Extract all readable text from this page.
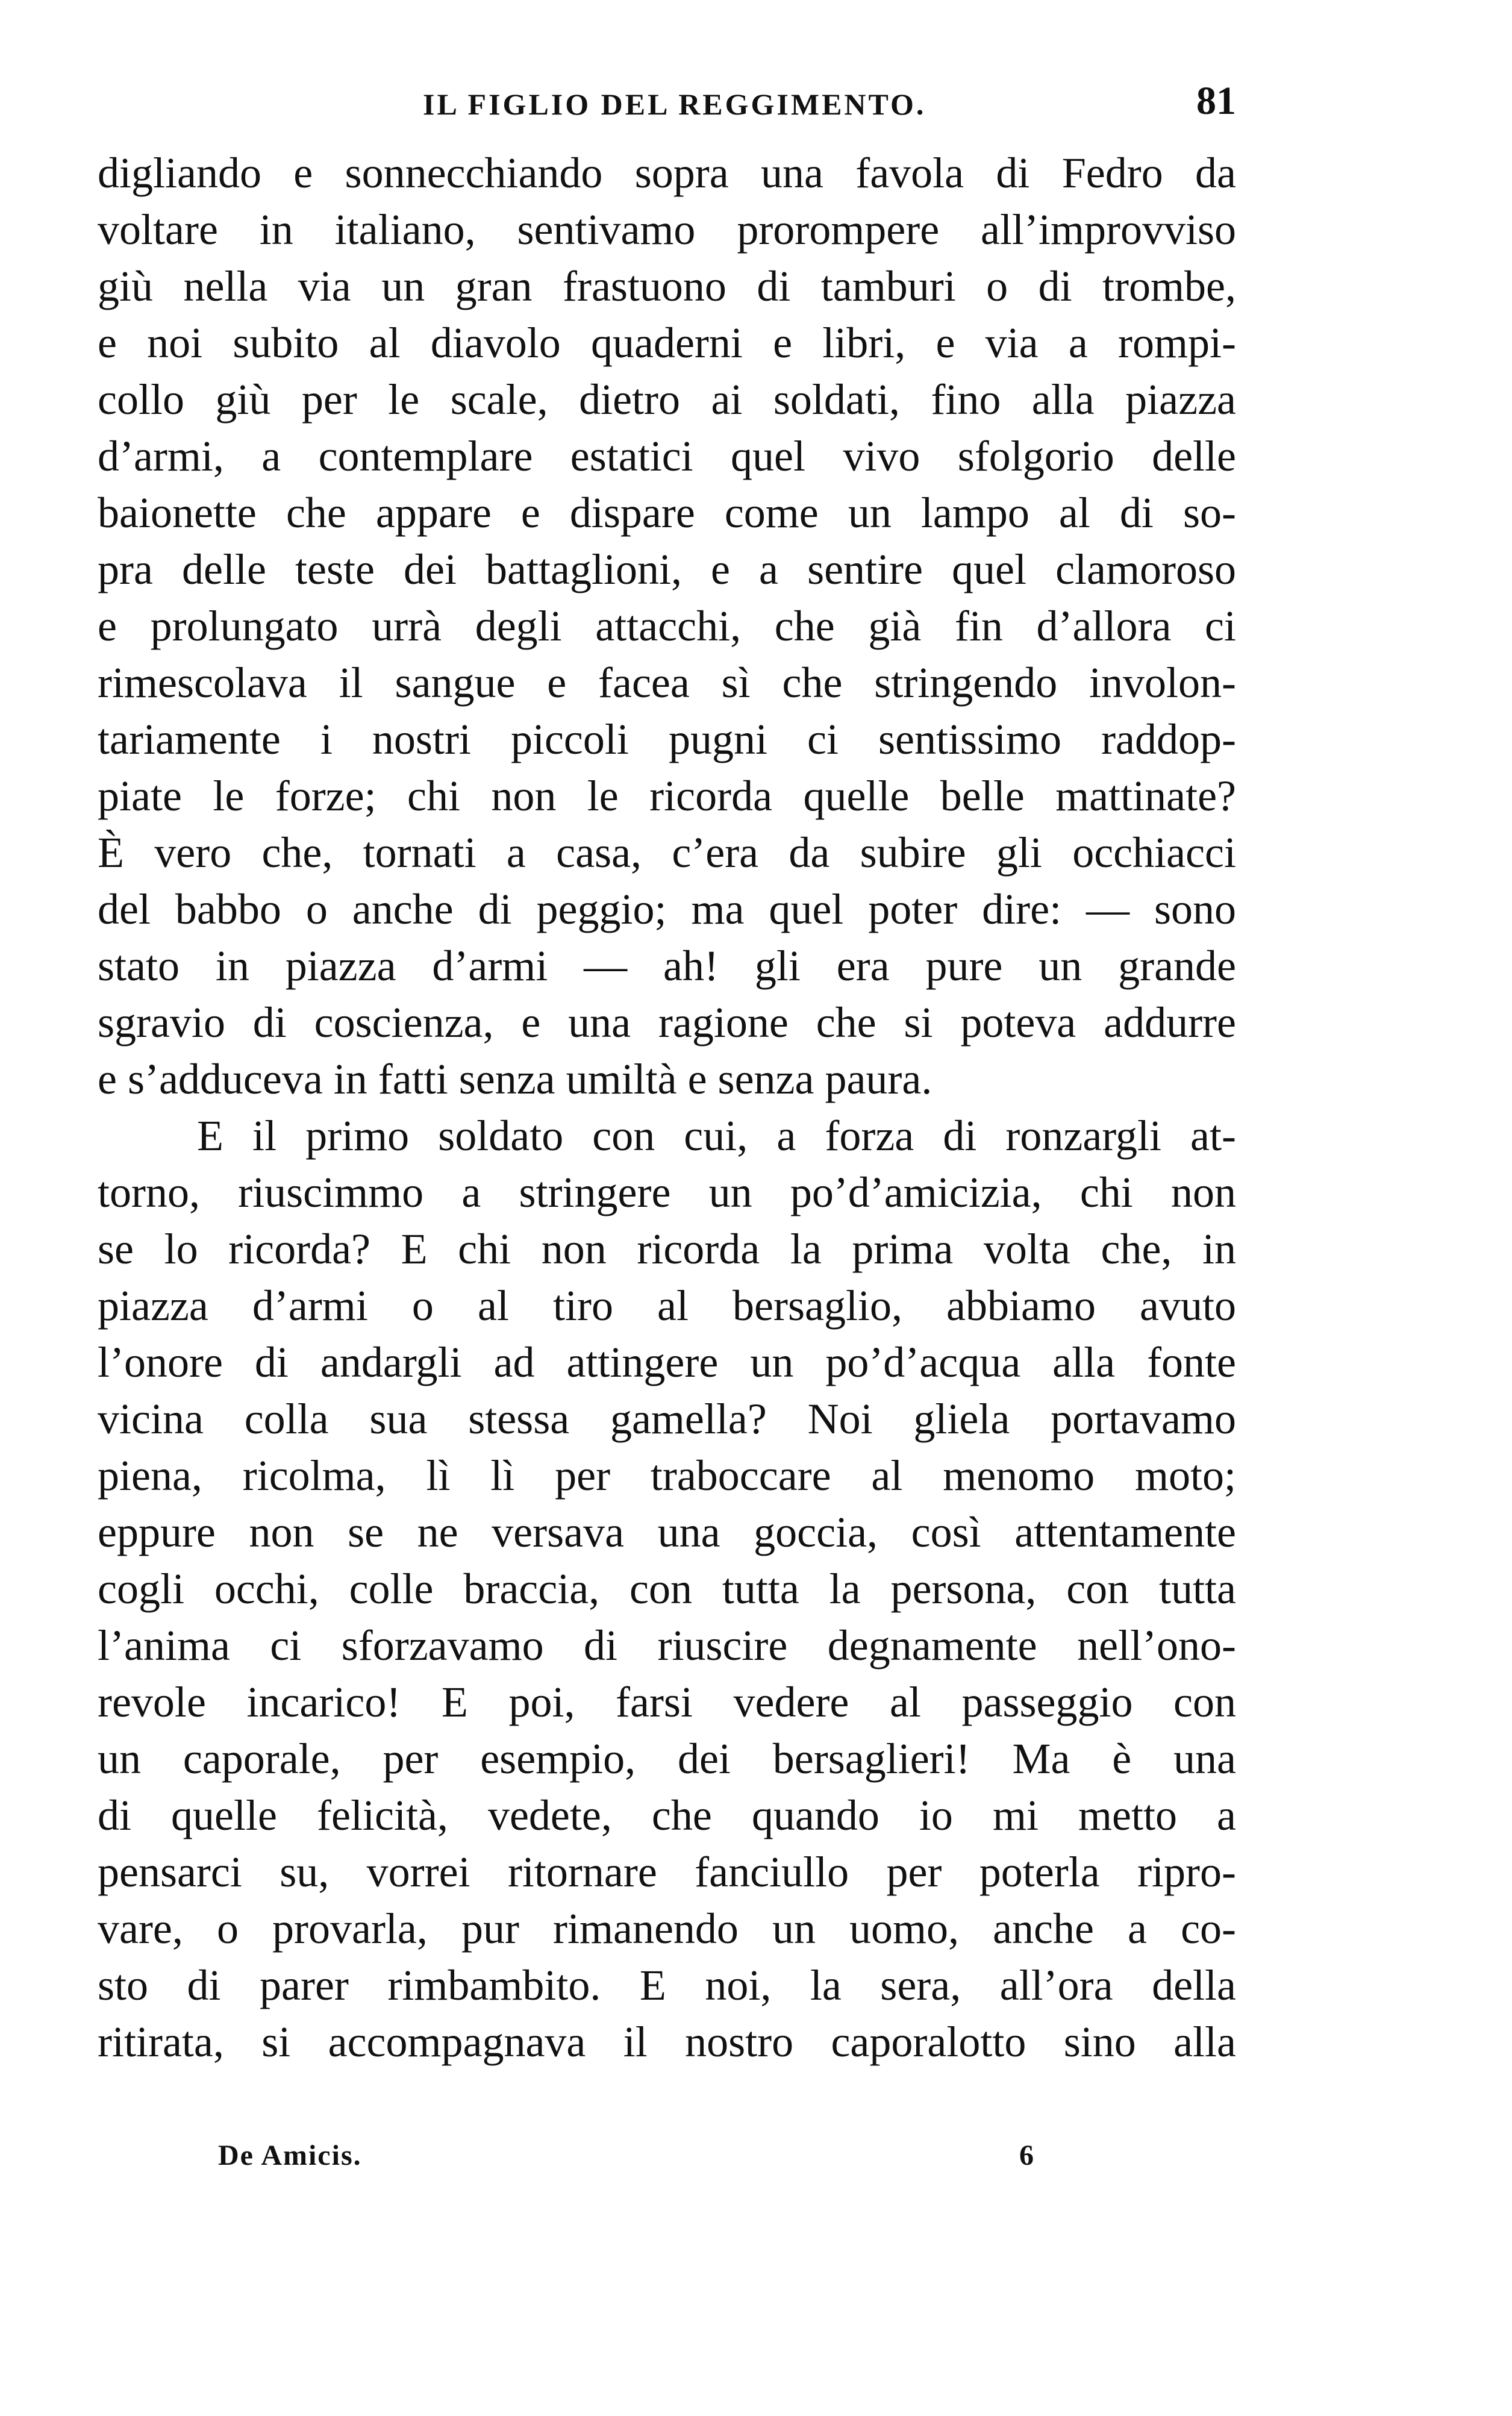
IL FIGLIO DEL REGGIMENTO.	81
digliando e sonnecchiando sopra una favola di Fedro da
voltare in italiano, sentivamo prorompere all’improvviso
giù nella via un gran frastuono di tamburi o di trombe,
e noi subito al diavolo quaderni e libri, e via a rompi-
collo giù per le scale, dietro ai soldati, fino alla piazza
d’armi, a contemplare estatici quel vivo sfolgorio delle
baionette che appare e dispare come un lampo al di so-
pra delle teste dei battaglioni, e a sentire quel clamoroso
e prolungato urrà degli attacchi, che già fin d’allora ci
rimescolava il sangue e facea sì che stringendo involon-
tariamente i nostri piccoli pugni ci sentissimo raddop-
piate le forze; chi non le ricorda quelle belle mattinate?
È vero che, tornati a casa, c’era da subire gli occhiacci
del babbo o anche di peggio; ma quel poter dire: — sono
stato in piazza d’armi — ah! gli era pure un grande
sgravio di coscienza, e una ragione che si poteva addurre
e s’adduceva in fatti senza umiltà e senza paura.
E il primo soldato con cui, a forza di ronzargli at-
torno, riuscimmo a stringere un po’d’amicizia, chi non
se lo ricorda? E chi non ricorda la prima volta che, in
piazza d’armi o al tiro al bersaglio, abbiamo avuto
l’onore di andargli ad attingere un po’d’acqua alla fonte
vicina colla sua stessa gamella? Noi gliela portavamo
piena, ricolma, lì lì per traboccare al menomo moto;
eppure non se ne versava una goccia, così attentamente
cogli occhi, colle braccia, con tutta la persona, con tutta
l’anima ci sforzavamo di riuscire degnamente nell’ono-
revole incarico! E poi, farsi vedere al passeggio con
un caporale, per esempio, dei bersaglieri! Ma è una
di quelle felicità, vedete, che quando io mi metto a
pensarci su, vorrei ritornare fanciullo per poterla ripro-
vare, o provarla, pur rimanendo un uomo, anche a co-
sto di parer rimbambito. E noi, la sera, all’ora della
ritirata, si accompagnava il nostro caporalotto sino alla
De Amicis.	6
